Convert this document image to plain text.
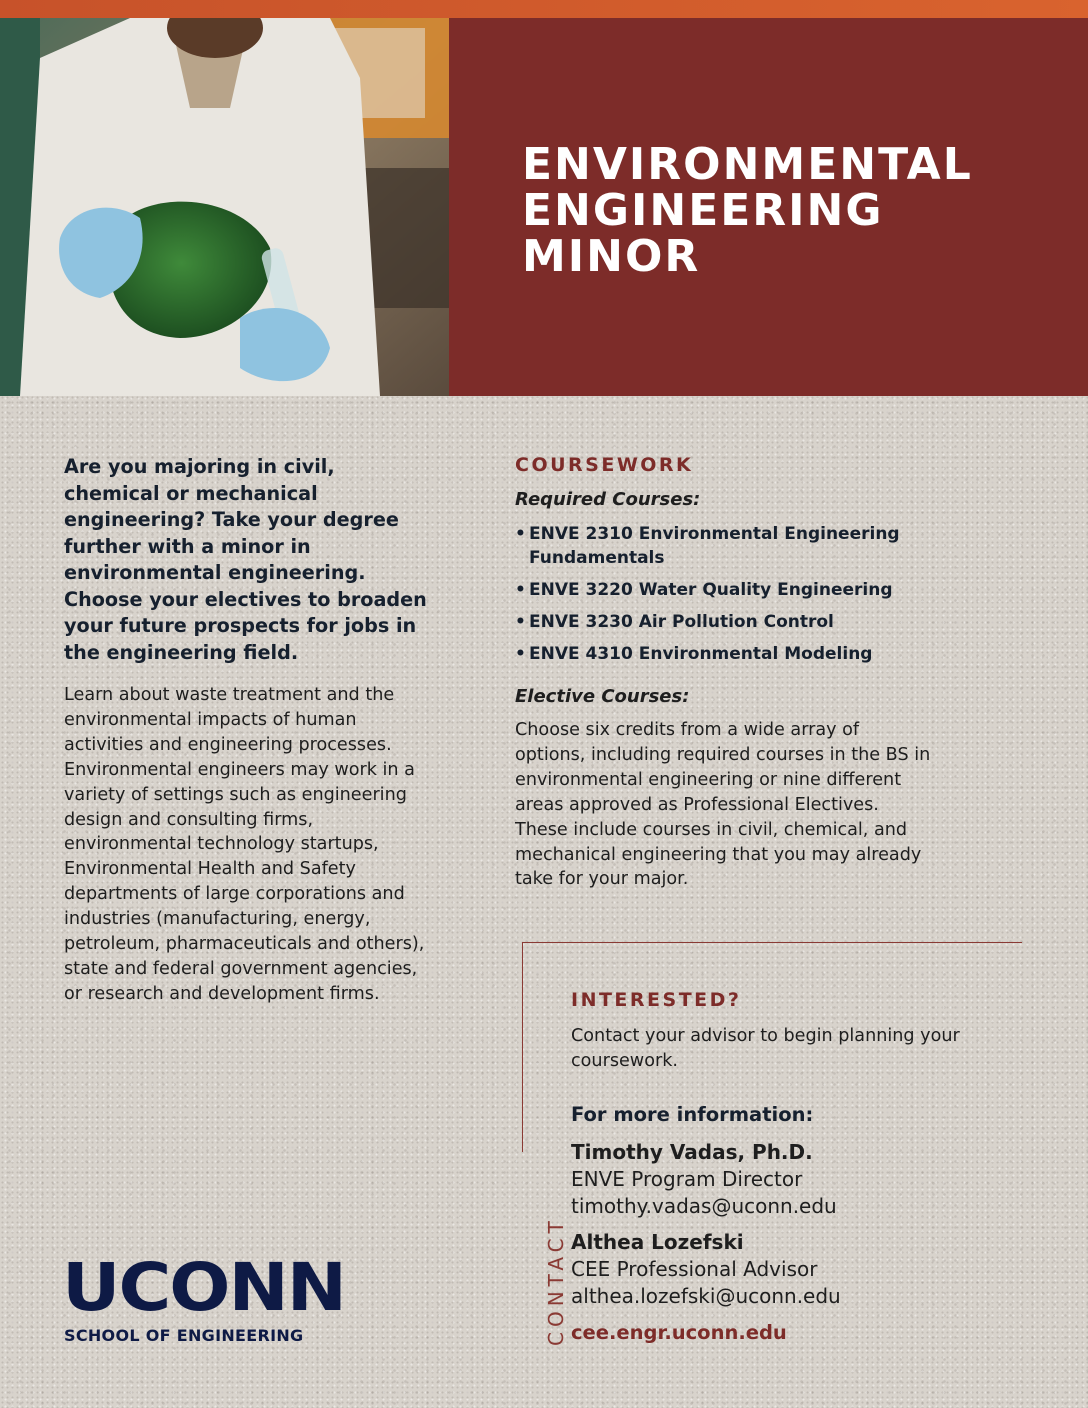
ENVIRONMENTAL
ENGINEERING
MINOR

Are you majoring in civil, chemical or mechanical engineering? Take your degree further with a minor in environmental engineering. Choose your electives to broaden your future prospects for jobs in the engineering field.

Learn about waste treatment and the environmental impacts of human activities and engineering processes. Environmental engineers may work in a variety of settings such as engineering design and consulting firms, environmental technology startups, Environmental Health and Safety departments of large corporations and industries (manufacturing, energy, petroleum, pharmaceuticals and others), state and federal government agencies, or research and development firms.

COURSEWORK
Required Courses:
• ENVE 2310 Environmental Engineering Fundamentals
• ENVE 3220 Water Quality Engineering
• ENVE 3230 Air Pollution Control
• ENVE 4310 Environmental Modeling
Elective Courses:

Choose six credits from a wide array of options, including required courses in the BS in environmental engineering or nine different areas approved as Professional Electives. These include courses in civil, chemical, and mechanical engineering that you may already take for your major.

CONTACT
INTERESTED?

Contact your advisor to begin planning your coursework.

For more information:

Timothy Vadas, Ph.D.
ENVE Program Director
timothy.vadas@uconn.edu
Althea Lozefski
CEE Professional Advisor
althea.lozefski@uconn.edu

cee.engr.uconn.edu

UCONN
SCHOOL OF ENGINEERING
